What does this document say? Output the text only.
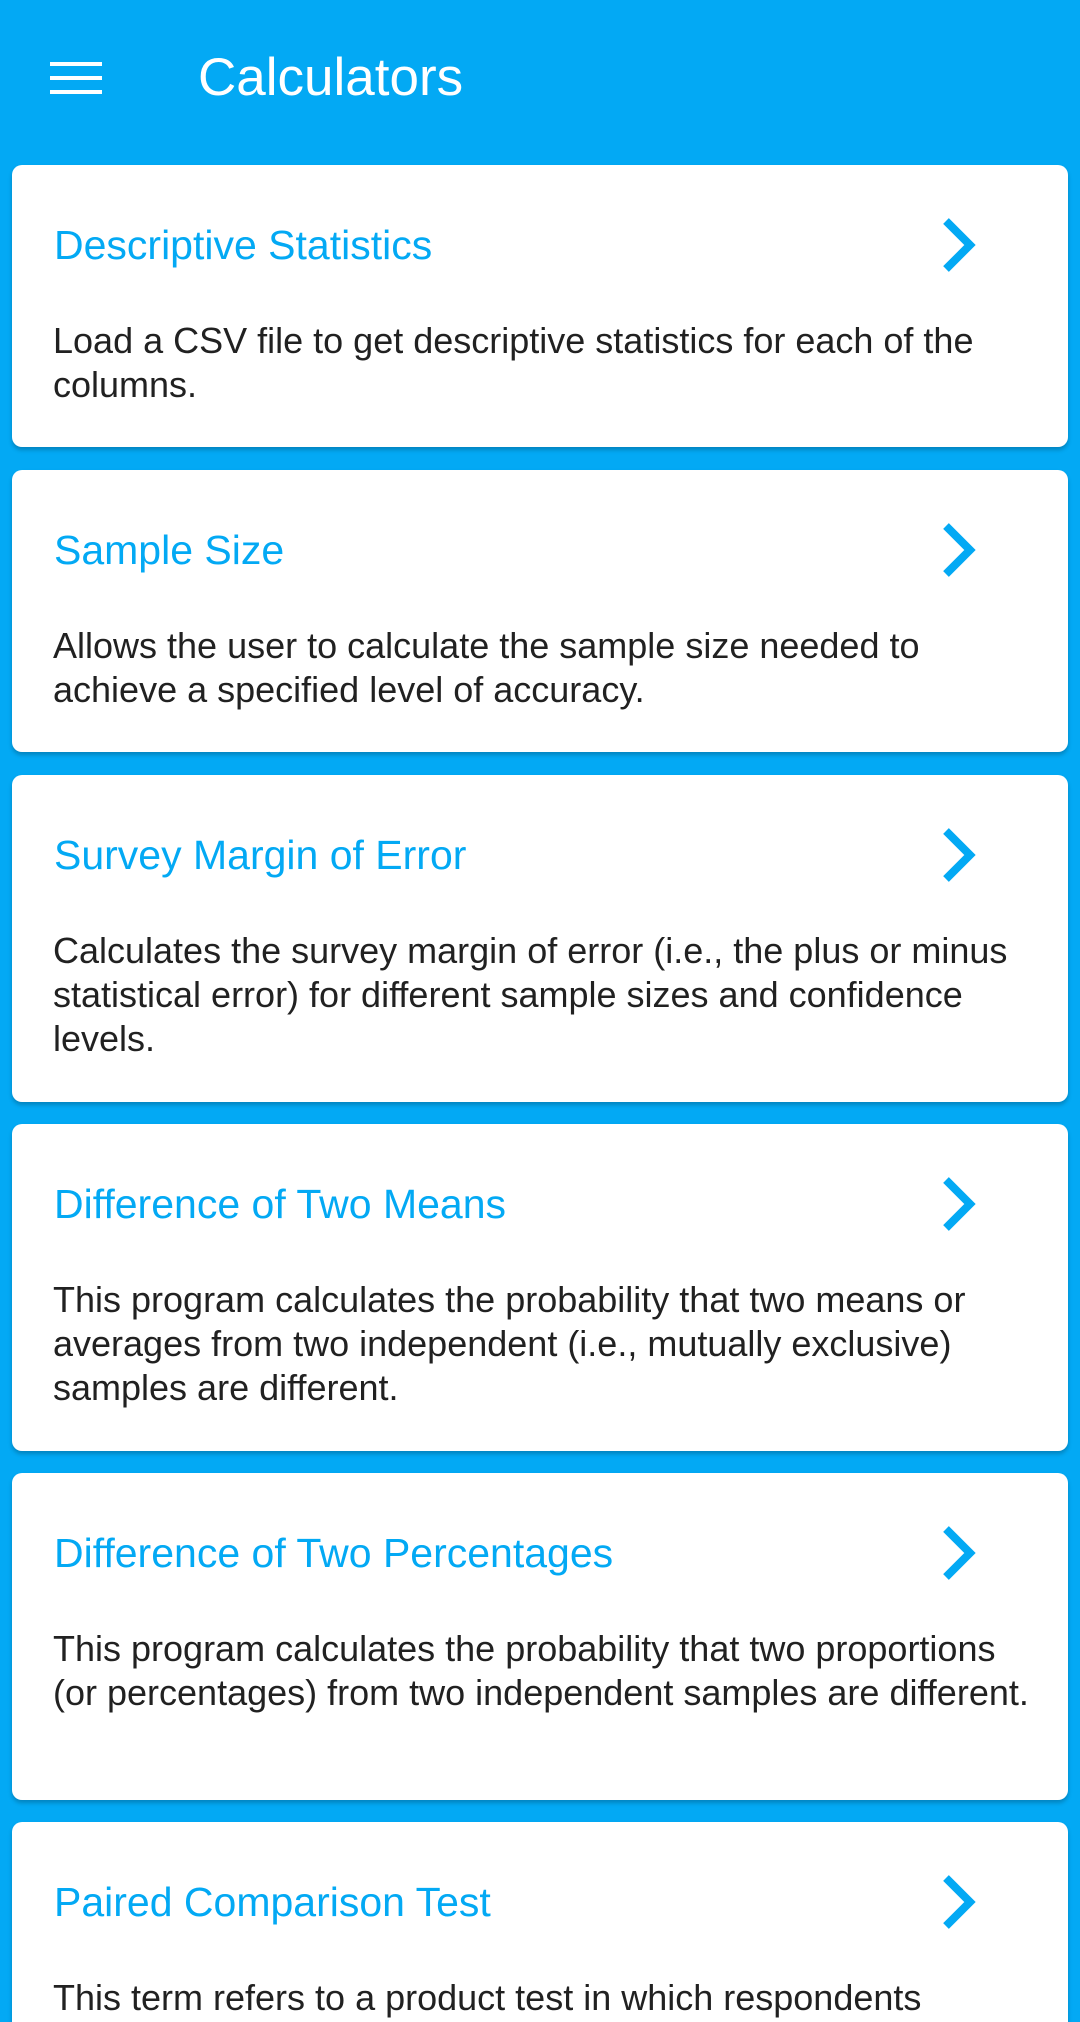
Calculators
Descriptive Statistics
Load a CSV file to get descriptive statistics for each of the columns.
Sample Size
Allows the user to calculate the sample size needed to achieve a specified level of accuracy.
Survey Margin of Error
Calculates the survey margin of error (i.e., the plus or minus statistical error) for different sample sizes and confidence levels.
Difference of Two Means
This program calculates the probability that two means or averages from two independent (i.e., mutually exclusive) samples are different.
Difference of Two Percentages
This program calculates the probability that two proportions (or percentages) from two independent samples are different.
Paired Comparison Test
This term refers to a product test in which respondents
